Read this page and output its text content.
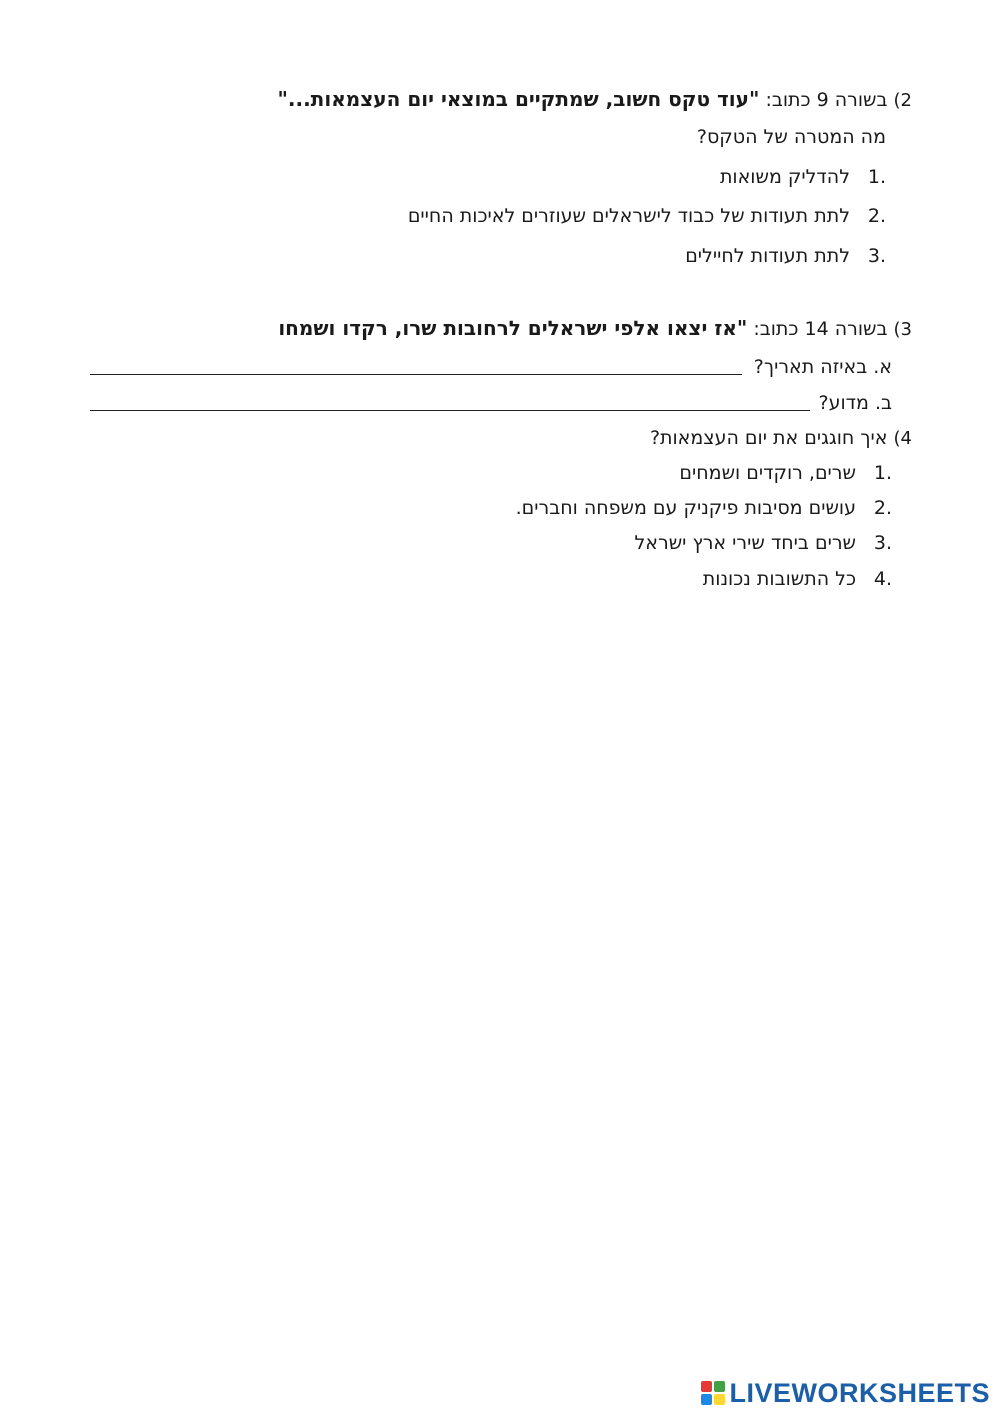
2)בשורה 9 כתוב: "עוד טקס חשוב, שמתקיים במוצאי יום העצמאות..."
מה המטרה של הטקס?
.1להדליק משואות
.2לתת תעודות של כבוד לישראלים שעוזרים לאיכות החיים
.3לתת תעודות לחיילים
3)בשורה 14 כתוב: "אז יצאו אלפי ישראלים לרחובות שרו, רקדו ושמחו
א. באיזה תאריך?
ב. מדוע?
4)איך חוגגים את יום העצמאות?
.1שרים, רוקדים ושמחים
.2עושים מסיבות פיקניק עם משפחה וחברים.
.3שרים ביחד שירי ארץ ישראל
.4כל התשובות נכונות
LIVEWORKSHEETS
